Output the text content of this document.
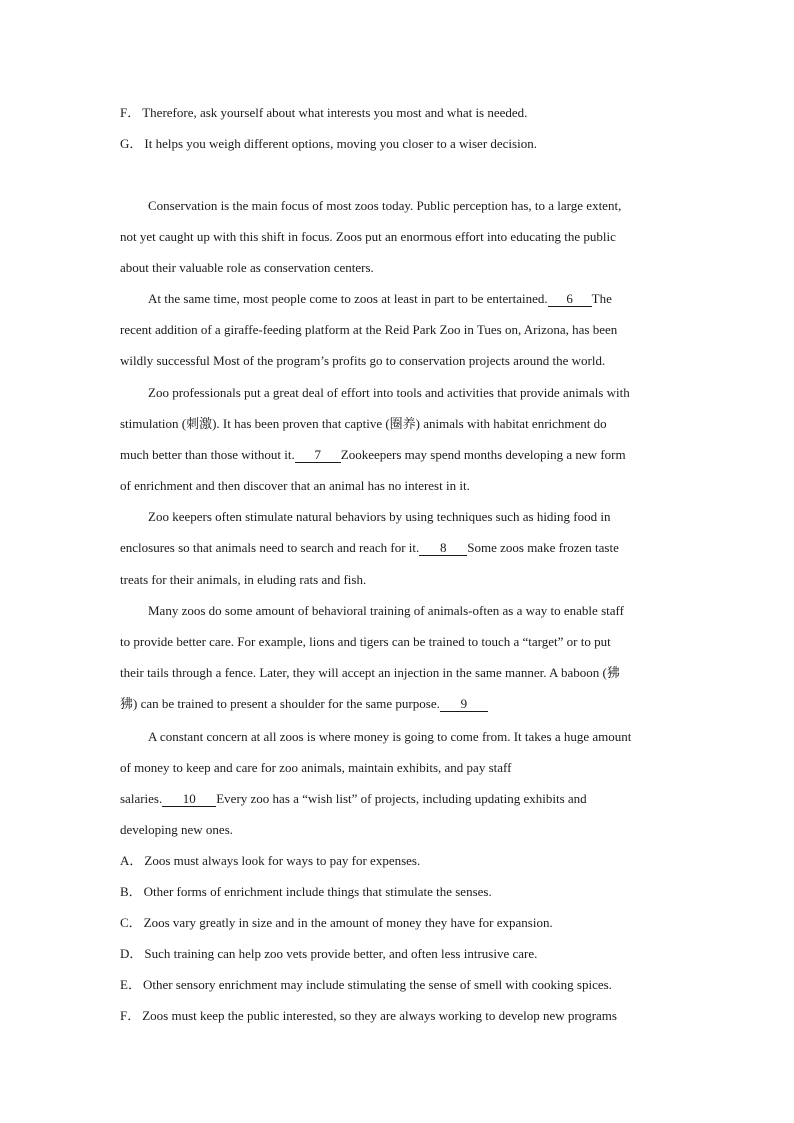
F． Therefore, ask yourself about what interests you most and what is needed.
G． It helps you weigh different options, moving you closer to a wiser decision.
Conservation is the main focus of most zoos today. Public perception has, to a large extent,
not yet caught up with this shift in focus. Zoos put an enormous effort into educating the public
about their valuable role as conservation centers.
At the same time, most people come to zoos at least in part to be entertained. 6 The
recent addition of a giraffe-feeding platform at the Reid Park Zoo in Tues on, Arizona, has been
wildly successful Most of the program’s profits go to conservation projects around the world.
Zoo professionals put a great deal of effort into tools and activities that provide animals with
stimulation (刺激). It has been proven that captive (圈养) animals with habitat enrichment do
much better than those without it. 7 Zookeepers may spend months developing a new form
of enrichment and then discover that an animal has no interest in it.
Zoo keepers often stimulate natural behaviors by using techniques such as hiding food in
enclosures so that animals need to search and reach for it. 8 Some zoos make frozen taste
treats for their animals, in eluding rats and fish.
Many zoos do some amount of behavioral training of animals-often as a way to enable staff
to provide better care. For example, lions and tigers can be trained to touch a “target” or to put
their tails through a fence. Later, they will accept an injection in the same manner. A baboon (狒
狒) can be trained to present a shoulder for the same purpose. 9
A constant concern at all zoos is where money is going to come from. It takes a huge amount
of money to keep and care for zoo animals, maintain exhibits, and pay staff
salaries. 10 Every zoo has a “wish list” of projects, including updating exhibits and
developing new ones.
A． Zoos must always look for ways to pay for expenses.
B． Other forms of enrichment include things that stimulate the senses.
C． Zoos vary greatly in size and in the amount of money they have for expansion.
D． Such training can help zoo vets provide better, and often less intrusive care.
E． Other sensory enrichment may include stimulating the sense of smell with cooking spices.
F． Zoos must keep the public interested, so they are always working to develop new programs
